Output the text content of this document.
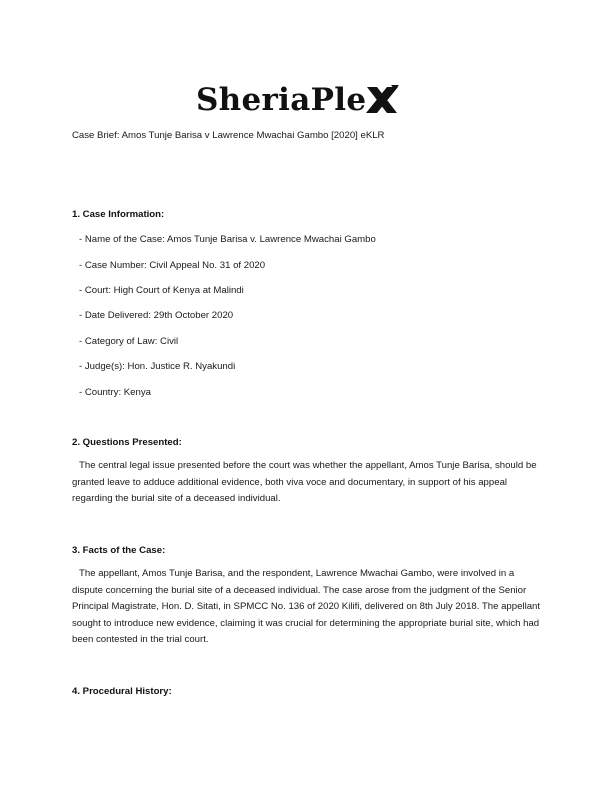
SheriaPle
Case Brief: Amos Tunje Barisa v Lawrence Mwachai Gambo [2020] eKLR
1. Case Information:
- Name of the Case: Amos Tunje Barisa v. Lawrence Mwachai Gambo
- Case Number: Civil Appeal No. 31 of 2020
- Court: High Court of Kenya at Malindi
- Date Delivered: 29th October 2020
- Category of Law: Civil
- Judge(s): Hon. Justice R. Nyakundi
- Country: Kenya
2. Questions Presented:

The central legal issue presented before the court was whether the appellant, Amos Tunje Barisa, should be granted leave to adduce additional evidence, both viva voce and documentary, in support of his appeal regarding the burial site of a deceased individual.

3. Facts of the Case:

The appellant, Amos Tunje Barisa, and the respondent, Lawrence Mwachai Gambo, were involved in a dispute concerning the burial site of a deceased individual. The case arose from the judgment of the Senior Principal Magistrate, Hon. D. Sitati, in SPMCC No. 136 of 2020 Kilifi, delivered on 8th July 2018. The appellant sought to introduce new evidence, claiming it was crucial for determining the appropriate burial site, which had been contested in the trial court.

4. Procedural History:
